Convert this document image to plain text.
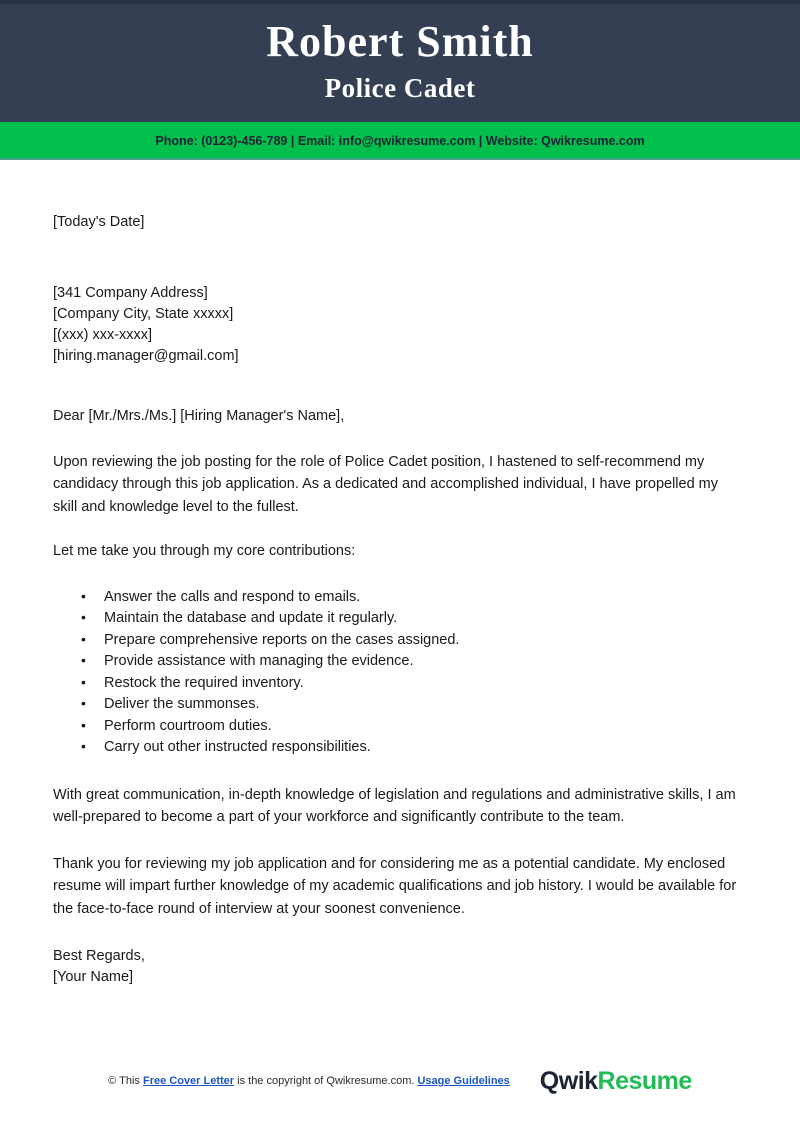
Robert Smith
Police Cadet
Phone: (0123)-456-789 | Email: info@qwikresume.com | Website: Qwikresume.com
[Today's Date]
[341 Company Address]
[Company City, State xxxxx]
[(xxx) xxx-xxxx]
[hiring.manager@gmail.com]

Dear [Mr./Mrs./Ms.] [Hiring Manager's Name],

Upon reviewing the job posting for the role of Police Cadet position, I hastened to self-recommend my candidacy through this job application. As a dedicated and accomplished individual, I have propelled my skill and knowledge level to the fullest.

Let me take you through my core contributions:

• Answer the calls and respond to emails.
• Maintain the database and update it regularly.
• Prepare comprehensive reports on the cases assigned.
• Provide assistance with managing the evidence.
• Restock the required inventory.
• Deliver the summonses.
• Perform courtroom duties.
• Carry out other instructed responsibilities.

With great communication, in-depth knowledge of legislation and regulations and administrative skills, I am well-prepared to become a part of your workforce and significantly contribute to the team.

Thank you for reviewing my job application and for considering me as a potential candidate. My enclosed resume will impart further knowledge of my academic qualifications and job history. I would be available for the face-to-face round of interview at your soonest convenience.

Best Regards,
[Your Name]
© This Free Cover Letter is the copyright of Qwikresume.com. Usage Guidelines QwikResume
